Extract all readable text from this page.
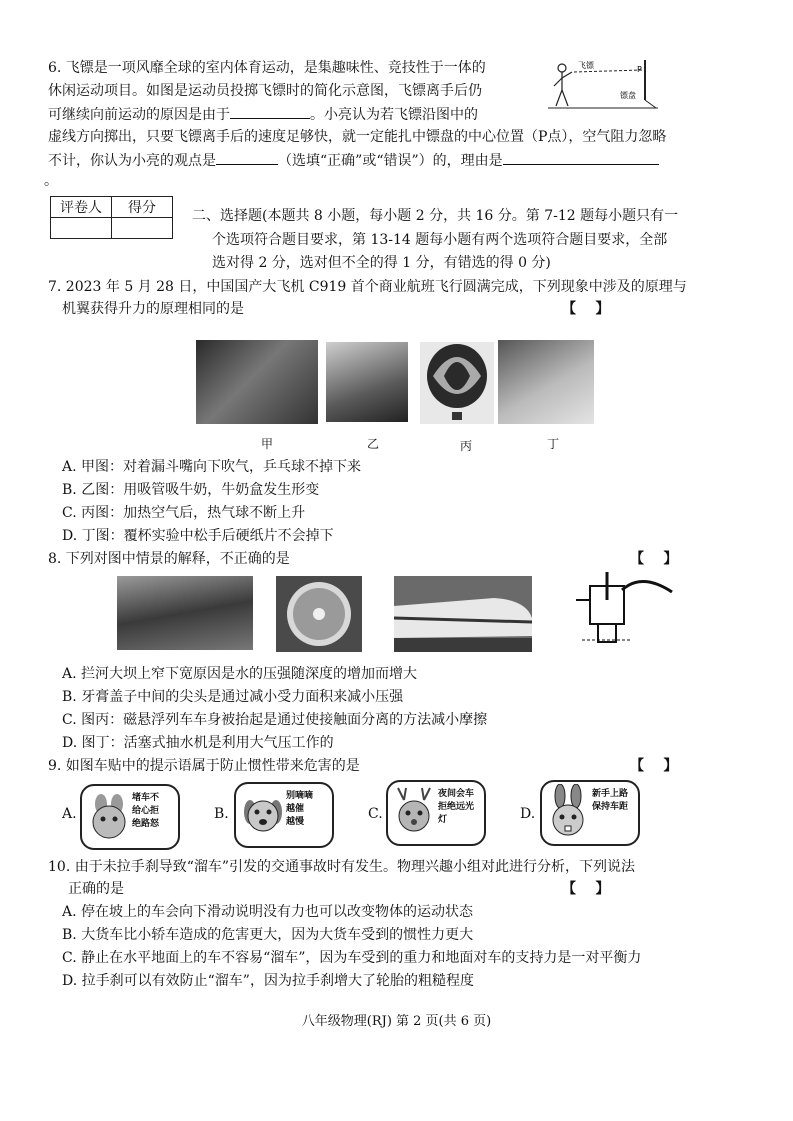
6. 飞镖是一项风靡全球的室内体育运动，是集趣味性、竞技性于一体的
休闲运动项目。如图是运动员投掷飞镖时的简化示意图，飞镖离手后仍
可继续向前运动的原因是由于	。小亮认为若飞镖沿图中的
虚线方向掷出，只要飞镖离手后的速度足够快，就一定能扎中镖盘的中心位置（P点），空气阻力忽略
不计，你认为小亮的观点是	（选填“正确”或“错误”）的，理由是
。
飞镖	P
镖盘
评卷人	得分
		二、选择题(本题共 8 小题，每小题 2 分，共 16 分。第 7-12 题每小题只有一
个选项符合题目要求，第 13-14 题每小题有两个选项符合题目要求，全部
选对得 2 分，选对但不全的得 1 分，有错选的得 0 分)
7. 2023 年 5 月 28 日，中国国产大飞机 C919 首个商业航班飞行圆满完成，下列现象中涉及的原理与
机翼获得升力的原理相同的是	【    】
甲	乙	丙	丁
A. 甲图：对着漏斗嘴向下吹气，乒乓球不掉下来
B. 乙图：用吸管吸牛奶，牛奶盒发生形变
C. 丙图：加热空气后，热气球不断上升
D. 丁图：覆杯实验中松手后硬纸片不会掉下
8. 下列对图中情景的解释，不正确的是	【    】
A. 拦河大坝上窄下宽原因是水的压强随深度的增加而增大
B. 牙膏盖子中间的尖头是通过减小受力面积来减小压强
C. 图丙：磁悬浮列车车身被抬起是通过使接触面分离的方法减小摩擦
D. 图丁：活塞式抽水机是利用大气压工作的
9. 如图车贴中的提示语属于防止惯性带来危害的是	【    】
A.
堵车不
给心拒
绝路怒
B.
别嘀嘀
越催
越慢	C.
夜间会车
拒绝远光
灯	D.
新手上路
保持车距
10. 由于未拉手刹导致“溜车”引发的交通事故时有发生。物理兴趣小组对此进行分析，下列说法
正确的是	【    】
A. 停在坡上的车会向下滑动说明没有力也可以改变物体的运动状态
B. 大货车比小轿车造成的危害更大，因为大货车受到的惯性力更大
C. 静止在水平地面上的车不容易“溜车”，因为车受到的重力和地面对车的支持力是一对平衡力
D. 拉手刹可以有效防止“溜车”，因为拉手刹增大了轮胎的粗糙程度
八年级物理(RJ) 第 2 页(共 6 页)
